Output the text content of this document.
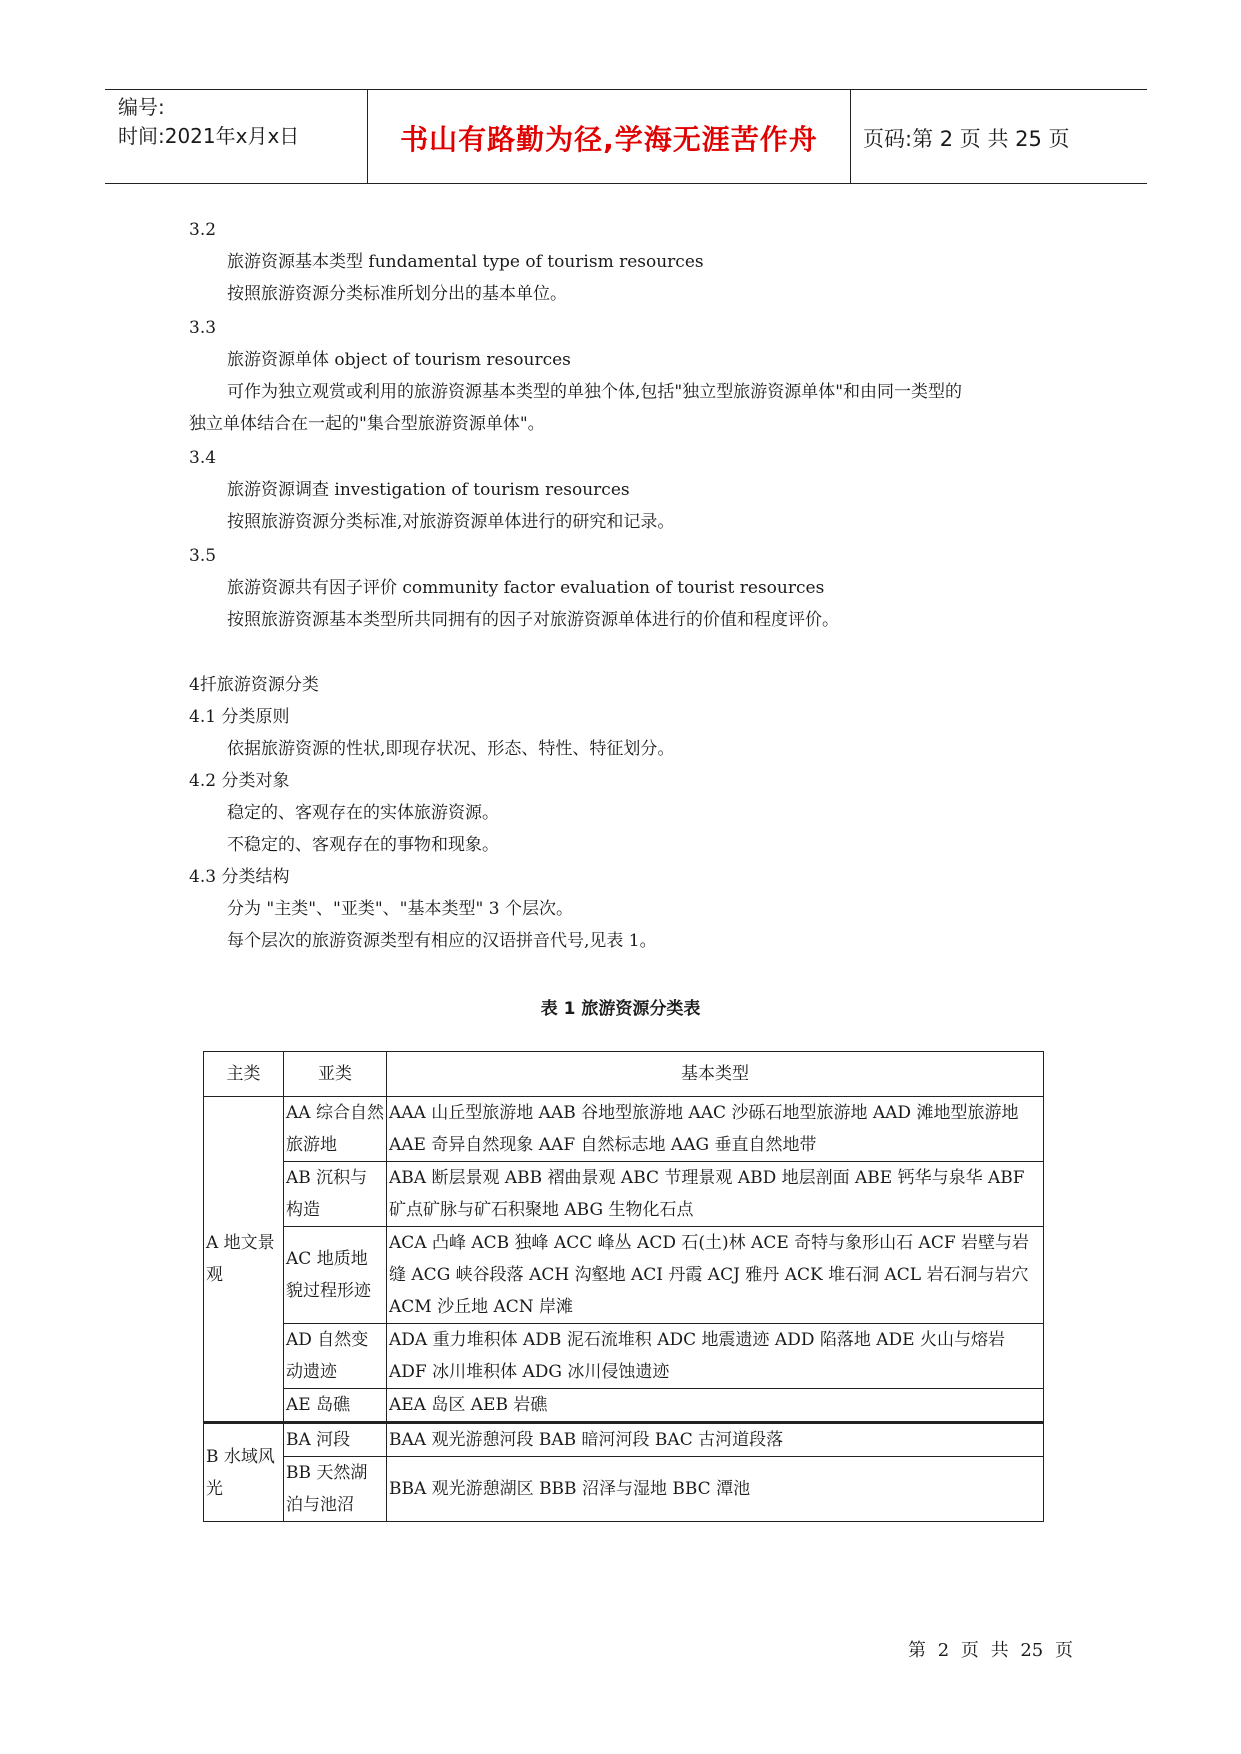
编号:
时间:2021年x月x日	书山有路勤为径,学海无涯苦作舟	页码:第 2 页 共 25 页
3.2
旅游资源基本类型 fundamental type of tourism resources
按照旅游资源分类标准所划分出的基本单位。
3.3
旅游资源单体 object of tourism resources
可作为独立观赏或利用的旅游资源基本类型的单独个体,包括"独立型旅游资源单体"和由同一类型的
独立单体结合在一起的"集合型旅游资源单体"。
3.4
旅游资源调查 investigation of tourism resources
按照旅游资源分类标准,对旅游资源单体进行的研究和记录。
3.5
旅游资源共有因子评价 community factor evaluation of tourist resources
按照旅游资源基本类型所共同拥有的因子对旅游资源单体进行的价值和程度评价。
4扦旅游资源分类
4.1 分类原则
依据旅游资源的性状,即现存状况、形态、特性、特征划分。
4.2 分类对象
稳定的、客观存在的实体旅游资源。
不稳定的、客观存在的事物和现象。
4.3 分类结构
分为 "主类"、"亚类"、"基本类型" 3 个层次。
每个层次的旅游资源类型有相应的汉语拼音代号,见表 1。
表 1 旅游资源分类表
主类	亚类	基本类型
A 地文景观	AA 综合自然旅游地	AAA 山丘型旅游地 AAB 谷地型旅游地 AAC 沙砾石地型旅游地 AAD 滩地型旅游地 AAE 奇异自然现象 AAF 自然标志地 AAG 垂直自然地带
	AB 沉积与构造	ABA 断层景观 ABB 褶曲景观 ABC 节理景观 ABD 地层剖面 ABE 钙华与泉华 ABF 矿点矿脉与矿石积聚地 ABG 生物化石点
	AC 地质地貌过程形迹	ACA 凸峰 ACB 独峰 ACC 峰丛 ACD 石(土)林 ACE 奇特与象形山石 ACF 岩壁与岩缝 ACG 峡谷段落 ACH 沟壑地 ACI 丹霞 ACJ 雅丹 ACK 堆石洞 ACL 岩石洞与岩穴 ACM 沙丘地 ACN 岸滩
	AD 自然变动遗迹	ADA 重力堆积体 ADB 泥石流堆积 ADC 地震遗迹 ADD 陷落地 ADE 火山与熔岩 ADF 冰川堆积体 ADG 冰川侵蚀遗迹
	AE 岛礁	AEA 岛区 AEB 岩礁
B 水域风光	BA 河段	BAA 观光游憩河段 BAB 暗河河段 BAC 古河道段落
	BB 天然湖泊与池沼	BBA 观光游憩湖区 BBB 沼泽与湿地 BBC 潭池
第 2 页 共 25 页
